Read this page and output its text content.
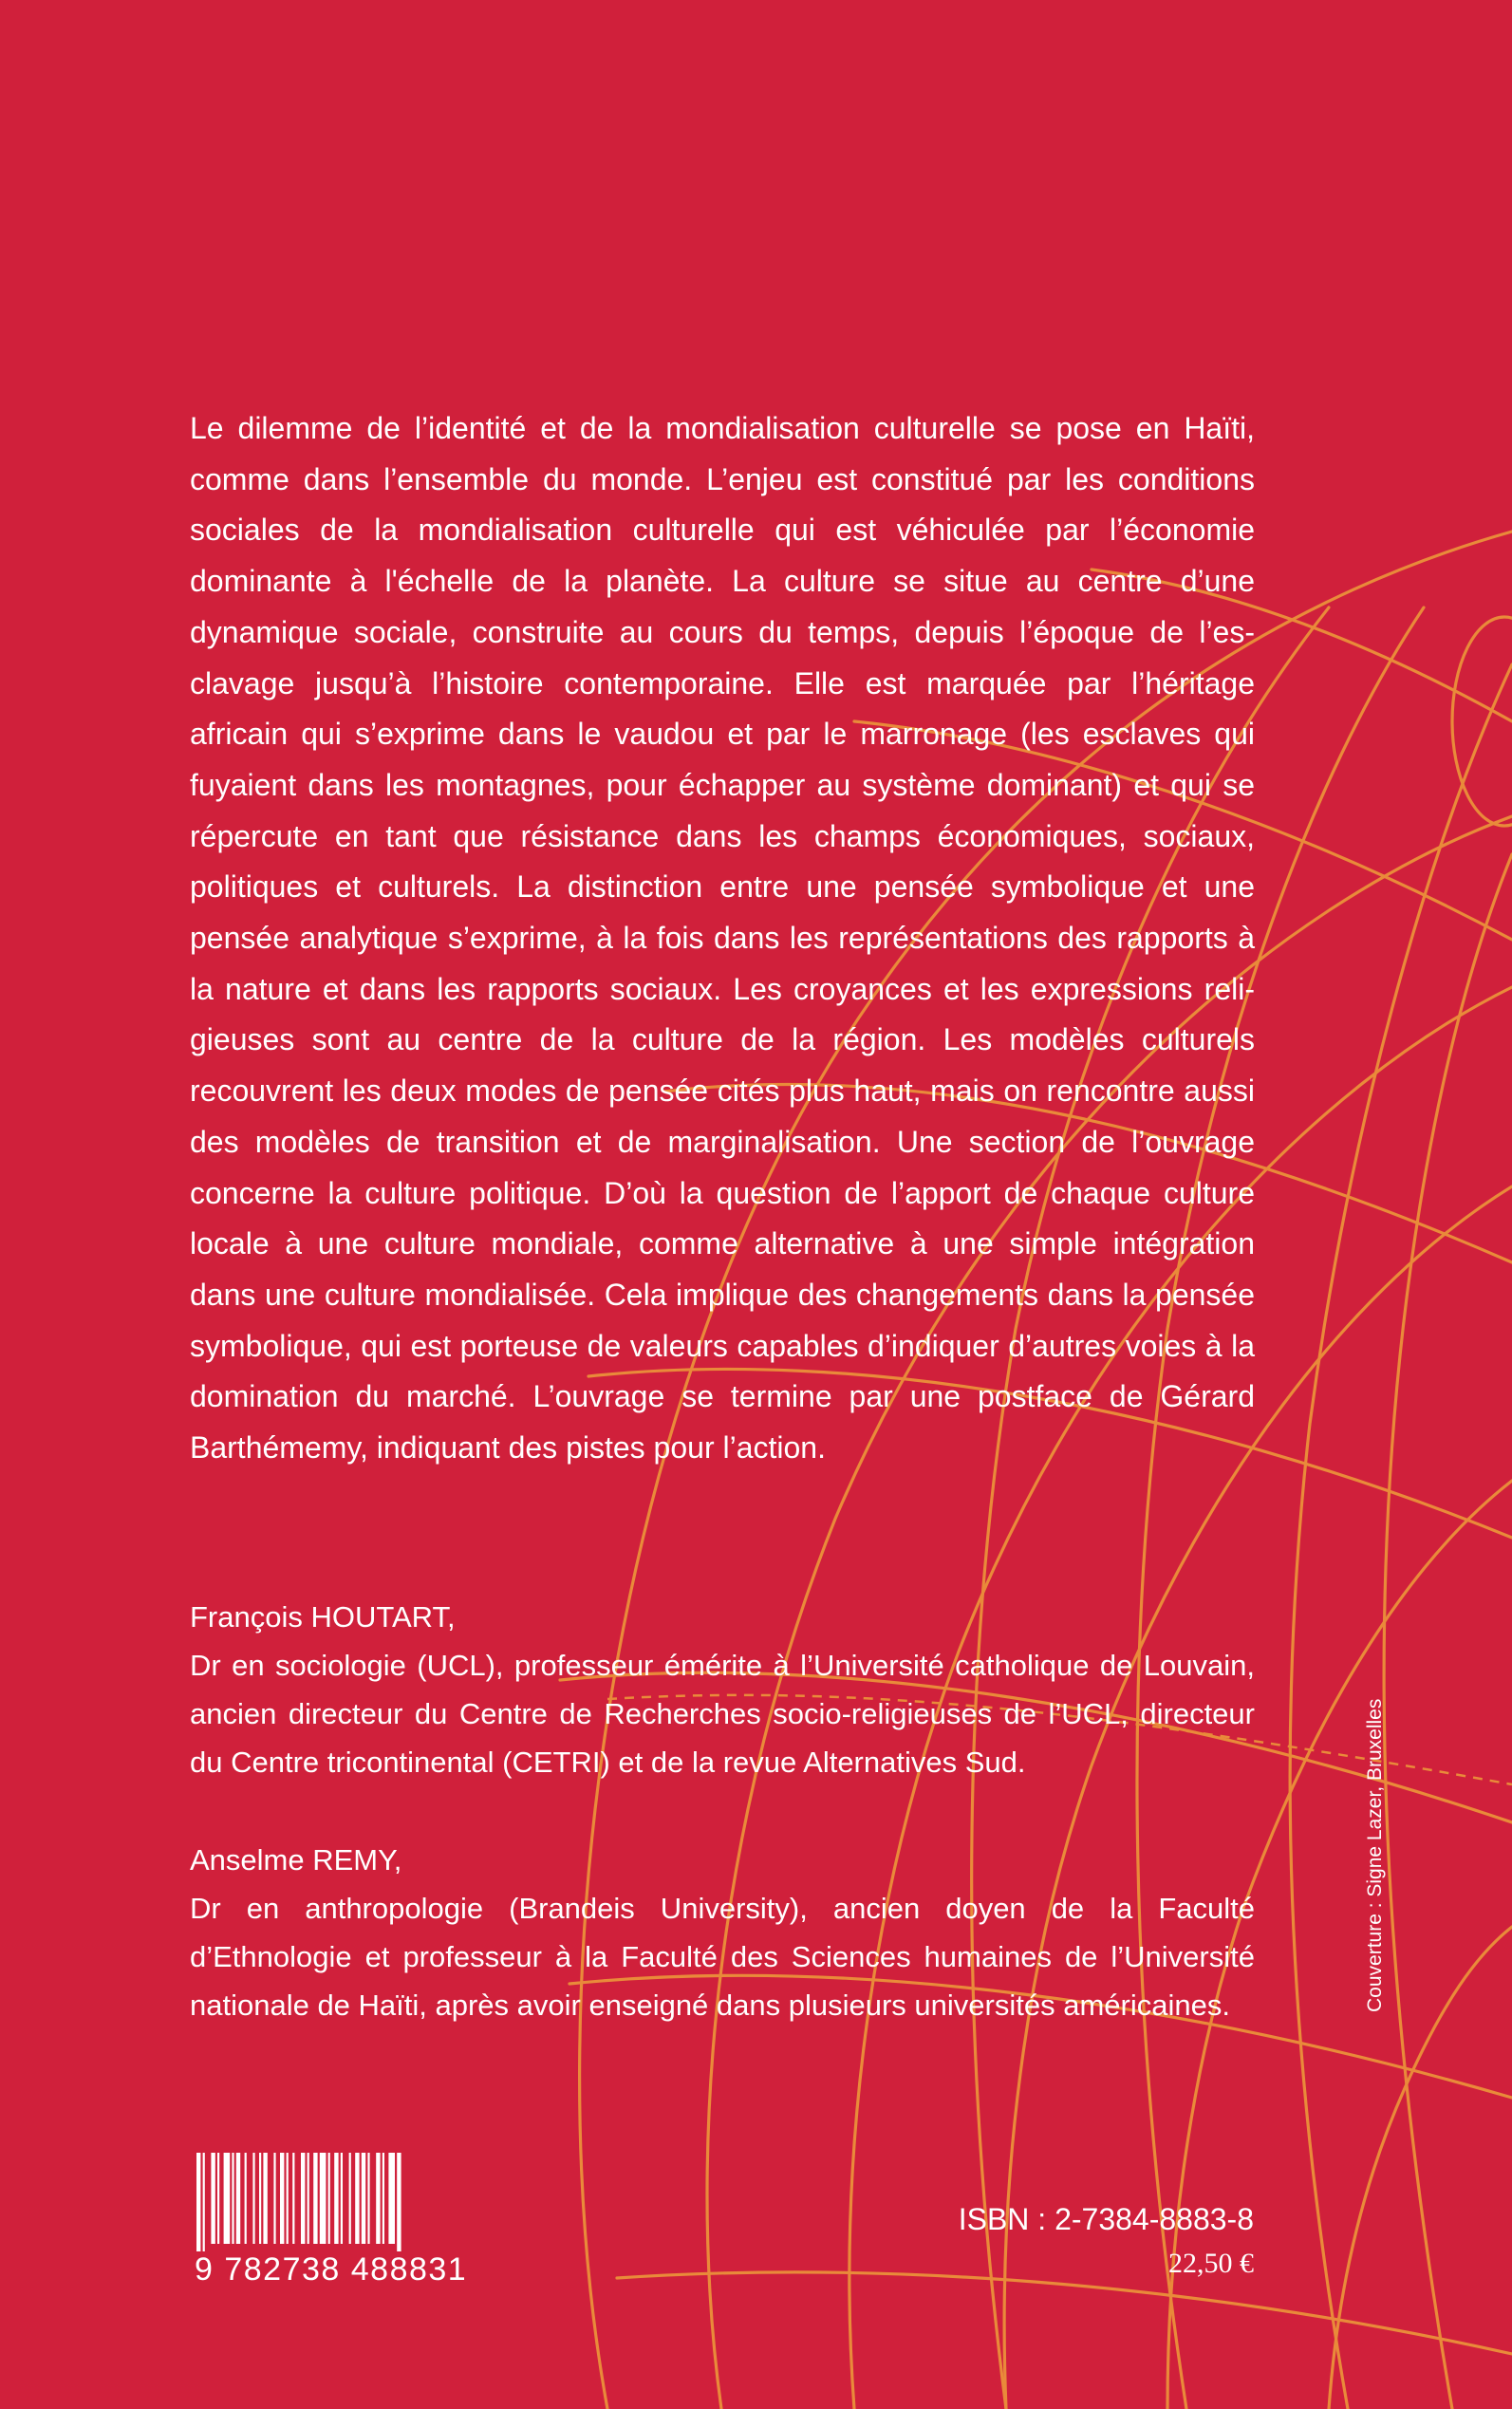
Le dilemme de l’identité et de la mondialisation culturelle se pose en Haïti, comme dans l’ensemble du monde. L’enjeu est constitué par les conditions sociales de la mondialisation culturelle qui est véhiculée par l’économie dominante à l'échelle de la planète. La culture se situe au centre d’une dynamique sociale, construite au cours du temps, depuis l’époque de l’esclavage jusqu’à l’histoire contemporaine. Elle est marquée par l’héritage africain qui s’exprime dans le vaudou et par le marronage (les esclaves qui fuyaient dans les montagnes, pour échapper au système dominant) et qui se répercute en tant que résistance dans les champs économiques, sociaux, politiques et culturels. La distinction entre une pensée symbolique et une pensée analytique s’exprime, à la fois dans les représentations des rapports à la nature et dans les rapports sociaux. Les croyances et les expressions religieuses sont au centre de la culture de la région. Les modèles culturels recouvrent les deux modes de pensée cités plus haut, mais on rencontre aussi des modèles de transition et de marginalisation. Une section de l’ouvrage concerne la culture politique. D’où la question de l’apport de chaque culture locale à une culture mondiale, comme alternative à une simple intégration dans une culture mondialisée. Cela implique des changements dans la pensée symbolique, qui est porteuse de valeurs capables d’indiquer d’autres voies à la domination du marché. L’ouvrage se termine par une postface de Gérard Barthémemy, indiquant des pistes pour l’action.

François HOUTART,

Dr en sociologie (UCL), professeur émérite à l’Université catholique de Louvain, ancien directeur du Centre de Recherches socio-religieuses de l’UCL, directeur du Centre tricontinental (CETRI) et de la revue Alternatives Sud.

Anselme REMY,

Dr en anthropologie (Brandeis University), ancien doyen de la Faculté d’Ethnologie et professeur à la Faculté des Sciences humaines de l’Université nationale de Haïti, après avoir enseigné dans plusieurs universités américaines.	Couverture : Signe Lazer, Bruxelles
9 782738 488831
ISBN : 2-7384-8883-8
22,50 €
